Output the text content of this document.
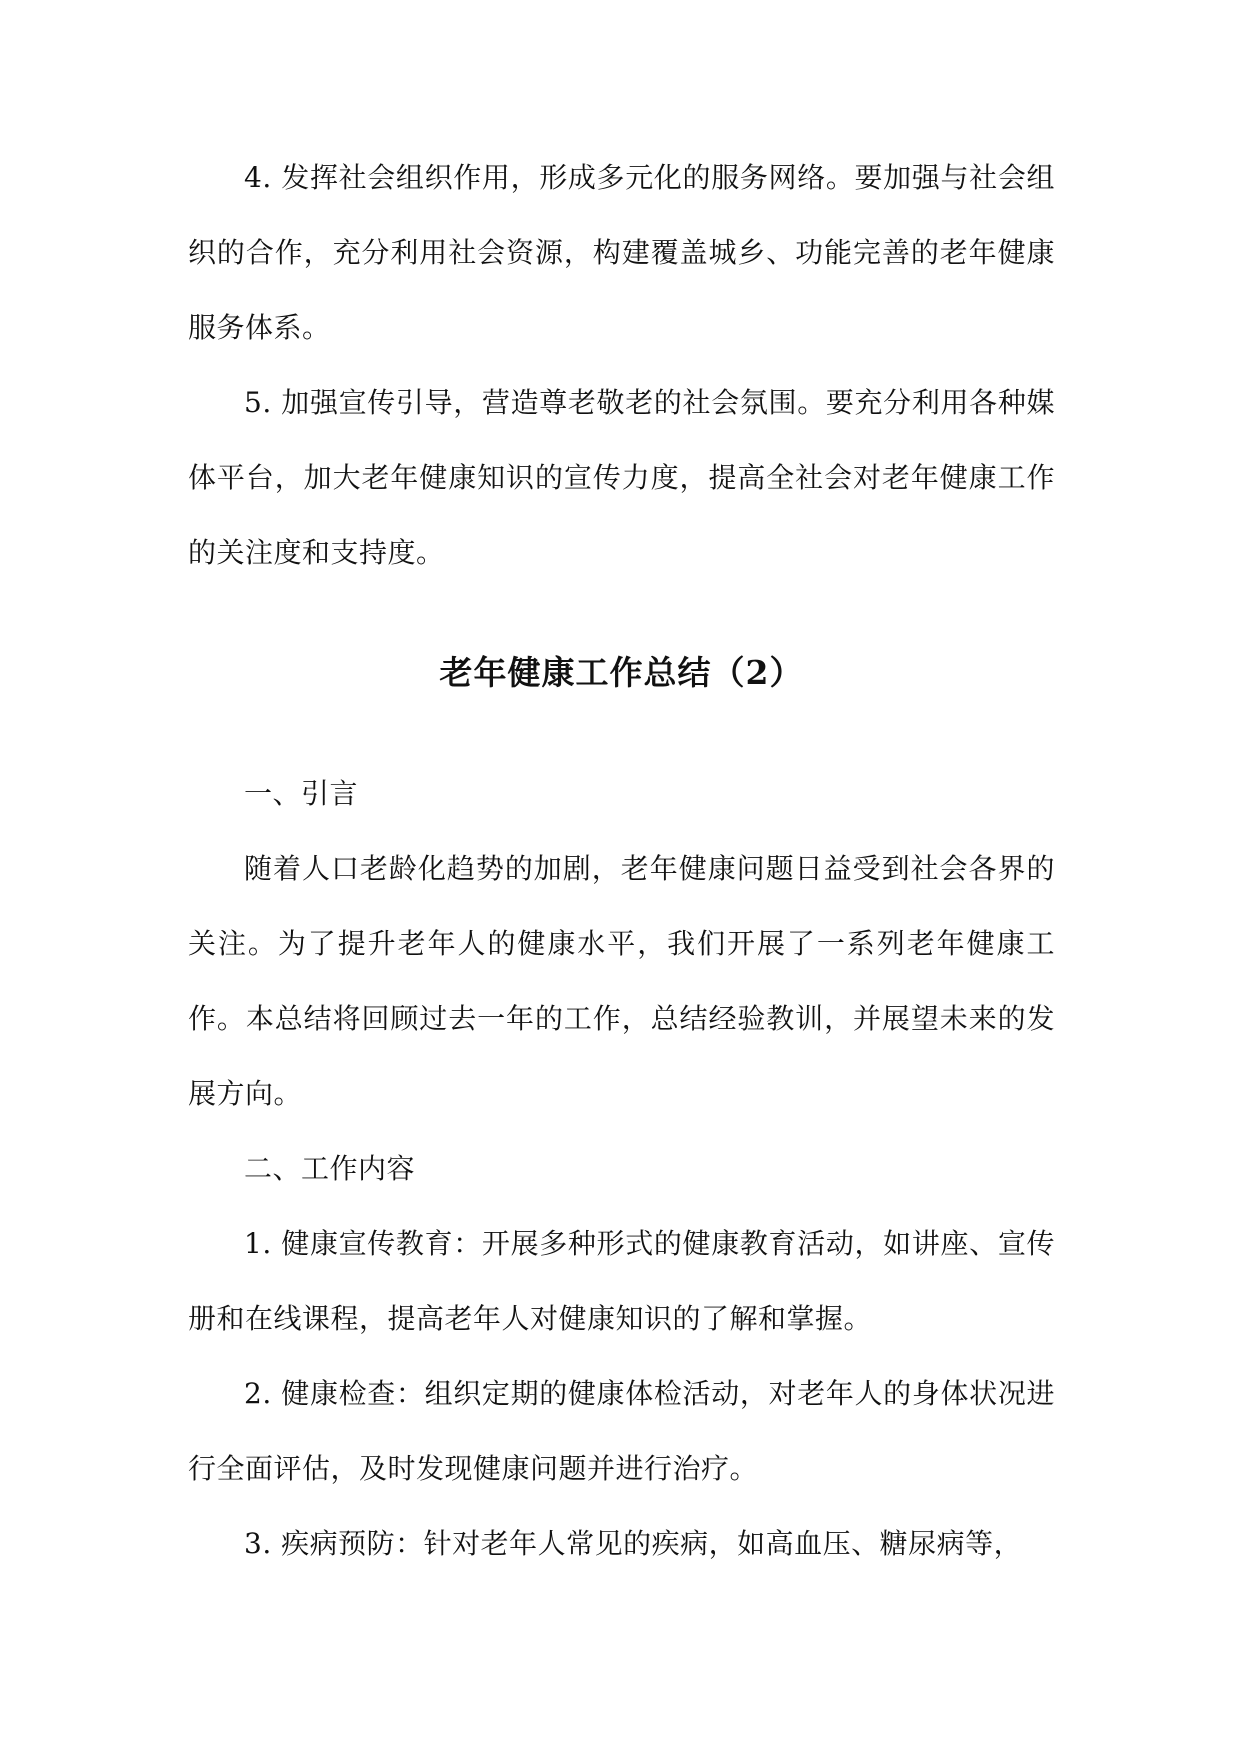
4. 发挥社会组织作用，形成多元化的服务网络。要加强与社会组织的合作，充分利用社会资源，构建覆盖城乡、功能完善的老年健康服务体系。

5. 加强宣传引导，营造尊老敬老的社会氛围。要充分利用各种媒体平台，加大老年健康知识的宣传力度，提高全社会对老年健康工作的关注度和支持度。

老年健康工作总结（2）

一、引言

随着人口老龄化趋势的加剧，老年健康问题日益受到社会各界的关注。为了提升老年人的健康水平，我们开展了一系列老年健康工作。本总结将回顾过去一年的工作，总结经验教训，并展望未来的发展方向。

二、工作内容

1. 健康宣传教育：开展多种形式的健康教育活动，如讲座、宣传册和在线课程，提高老年人对健康知识的了解和掌握。

2. 健康检查：组织定期的健康体检活动，对老年人的身体状况进行全面评估，及时发现健康问题并进行治疗。

3. 疾病预防：针对老年人常见的疾病，如高血压、糖尿病等，
